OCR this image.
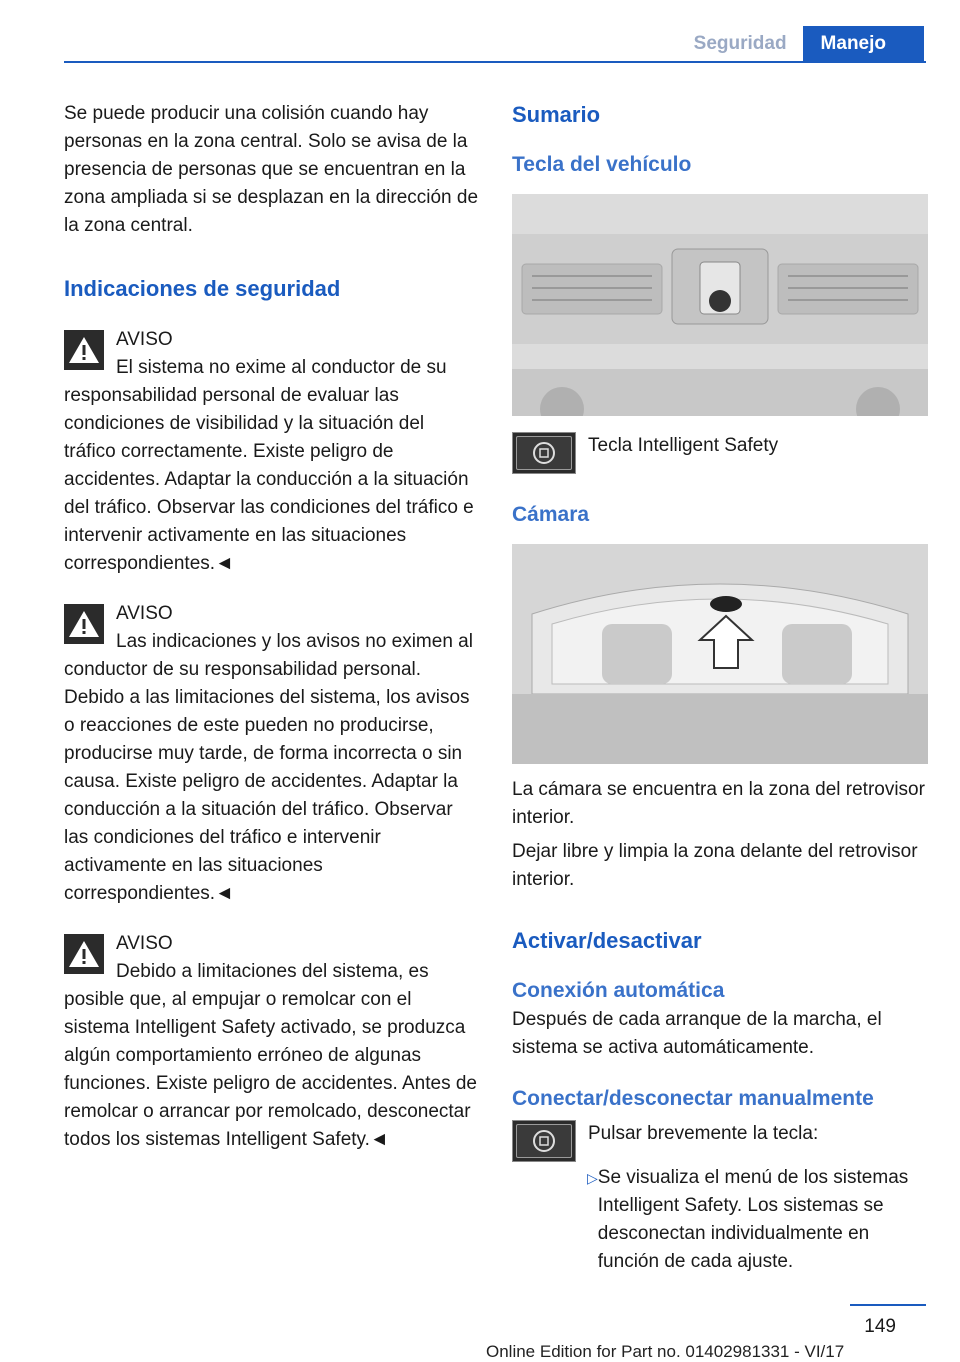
Seguridad	Manejo

Se puede producir una colisión cuando hay personas en la zona central. Solo se avisa de la presencia de personas que se encuentran en la zona ampliada si se desplazan en la dirección de la zona central.

Indicaciones de seguridad
AVISO
El sistema no exime al conductor de su responsabilidad personal de evaluar las condiciones de visibilidad y la situación del tráfico correctamente. Existe peligro de accidentes. Adaptar la conducción a la situación del tráfico. Observar las condiciones del tráfico e intervenir activamente en las situaciones correspondientes.◄
AVISO
Las indicaciones y los avisos no eximen al conductor de su responsabilidad personal. Debido a las limitaciones del sistema, los avisos o reacciones de este pueden no producirse, producirse muy tarde, de forma incorrecta o sin causa. Existe peligro de accidentes. Adaptar la conducción a la situación del tráfico. Observar las condiciones del tráfico e intervenir activamente en las situaciones correspondientes.◄
AVISO
Debido a limitaciones del sistema, es posible que, al empujar o remolcar con el sistema Intelligent Safety activado, se produzca algún comportamiento erróneo de algunas funciones. Existe peligro de accidentes. Antes de remolcar o arrancar por remolcado, desconectar todos los sistemas Intelligent Safety.◄
Sumario
Tecla del vehículo
Tecla Intelligent Safety
Cámara

La cámara se encuentra en la zona del retrovisor interior.

Dejar libre y limpia la zona delante del retrovisor interior.

Activar/desactivar
Conexión automática

Después de cada arranque de la marcha, el sistema se activa automáticamente.

Conectar/desconectar manualmente
Pulsar brevemente la tecla:
▷ Se visualiza el menú de los sistemas Intelligent Safety. Los sistemas se desconectan individualmente en función de cada ajuste.
149
Online Edition for Part no. 01402981331 - VI/17
